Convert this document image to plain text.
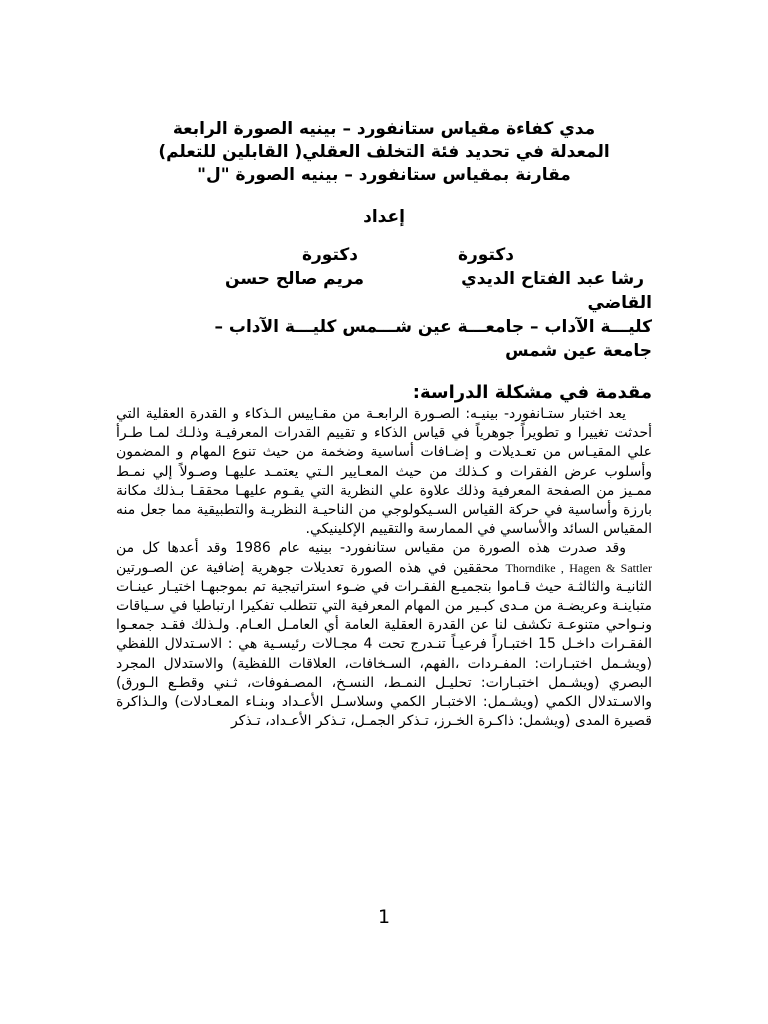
مدي كفاءة مقياس ستانفورد – بينيه الصورة الرابعة

المعدلة في تحديد فئة التخلف العقلي( القابلين للتعلم)

مقارنة بمقياس ستانفورد – بينيه الصورة "ل"

إعداد

دكتورة
دكتورة
رشا عبد الفتاح الديدي
مريم صالح حسن
القاضي
كليـــة الآداب – جامعـــة عين شـــمس كليـــة الآداب –
جامعة عين شمس
مقدمة في مشكلة الدراسة:

يعد اختبار ستـانفورد- بينيـه: الصـورة الرابعـة من مقـاييس الـذكاء و القدرة العقلية التي أحدثت تغييرا و تطويراً جوهرياً في قياس الذكاء و تقييم القدرات المعرفيـة وذلـك لمـا طـرأ علي المقيـاس من تعـديلات و إضـافات أساسية وضخمة من حيث تنوع المهام و المضمون وأسلوب عرض الفقرات و كـذلك من حيث المعـايير الـتي يعتمـد عليهـا وصـولاً إلي نمـط ممـيز من الصفحة المعرفية وذلك علاوة علي النظرية التي يقـوم عليهـا محققـا بـذلك مكانة بارزة وأساسية في حركة القياس السـيكولوجي من الناحيـة النظريـة والتطبيقية مما جعل منه المقياس السائد والأساسي في الممارسة والتقييم الإكلينيكي.

وقد صدرت هذه الصورة من مقياس ستانفورد- بينيه عام 1986 وقد أعدها كل من Thorndike , Hagen & Sattler محققين في هذه الصورة تعديلات جوهرية إضافية عن الصـورتين الثانيـة والثالثـة حيث قـاموا بتجميـع الفقـرات في ضـوء استراتيجية تم بموجبهـا اختيـار عينـات متباينـة وعريضـة من مـدى كبـير من المهام المعرفية التي تتطلب تفكيرا ارتباطيا في سـياقات ونـواحي متنوعـة تكشف لنا عن القدرة العقلية العامة أي العامـل العـام. ولـذلك فقـد جمعـوا الفقـرات داخـل 15 اختبـاراً فرعيـاً تنـدرج تحت 4 مجـالات رئيسـية هي : الاسـتدلال اللفظي (ويشـمل اختبـارات: المفـردات ،الفهم، السـخافات، العلاقات اللفظية) والاستدلال المجرد البصري (ويشـمل اختبـارات: تحليـل النمـط، النسـخ، المصـفوفات، ثـني وقطـع الـورق) والاسـتدلال الكمي (ويشـمل: الاختبـار الكمي وسلاسـل الأعـداد وبنـاء المعـادلات) والـذاكرة قصيرة المدى (ويشمل: ذاكـرة الخـرز، تـذكر الجمـل، تـذكر الأعـداد، تـذكر

1
